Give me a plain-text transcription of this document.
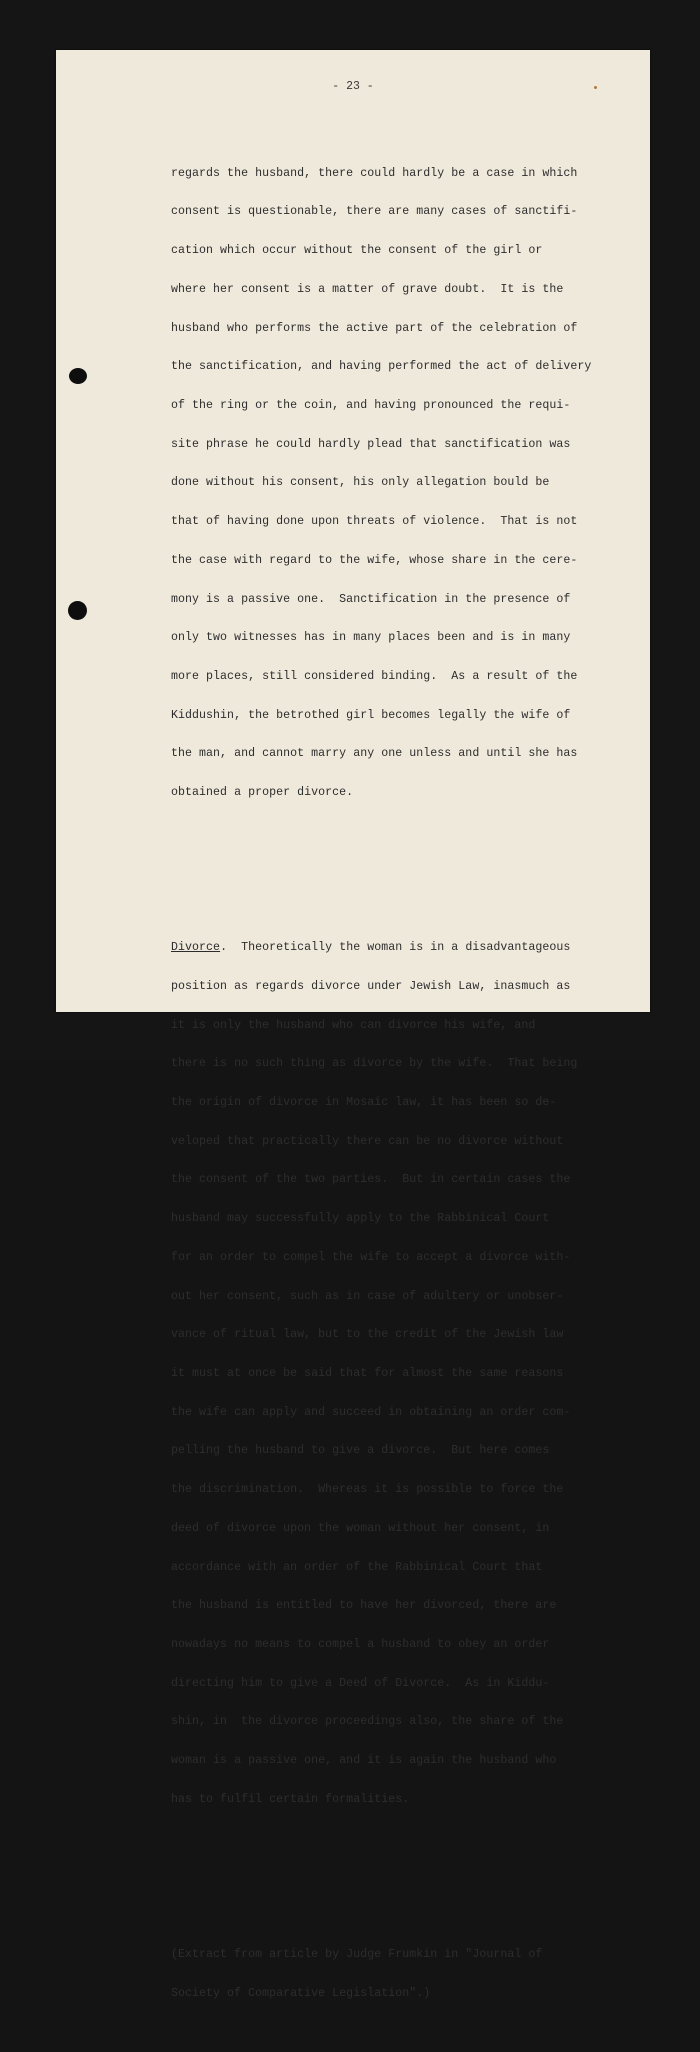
- 23 -

regards the husband, there could hardly be a case in which

consent is questionable, there are many cases of sanctifi-

cation which occur without the consent of the girl or

where her consent is a matter of grave doubt.  It is the

husband who performs the active part of the celebration of

the sanctification, and having performed the act of delivery

of the ring or the coin, and having pronounced the requi-

site phrase he could hardly plead that sanctification was

done without his consent, his only allegation bould be

that of having done upon threats of violence.  That is not

the case with regard to the wife, whose share in the cere-

mony is a passive one.  Sanctification in the presence of

only two witnesses has in many places been and is in many

more places, still considered binding.  As a result of the

Kiddushin, the betrothed girl becomes legally the wife of

the man, and cannot marry any one unless and until she has

obtained a proper divorce.

Divorce.  Theoretically the woman is in a disadvantageous

position as regards divorce under Jewish Law, inasmuch as

it is only the husband who can divorce his wife, and

there is no such thing as divorce by the wife.  That being

the origin of divorce in Mosaic law, it has been so de-

veloped that practically there can be no divorce without

the consent of the two parties.  But in certain cases the

husband may successfully apply to the Rabbinical Court

for an order to compel the wife to accept a divorce with-

out her consent, such as in case of adultery or unobser-

vance of ritual law, but to the credit of the Jewish law

it must at once be said that for almost the same reasons

the wife can apply and succeed in obtaining an order com-

pelling the husband to give a divorce.  But here comes

the discrimination.  Whereas it is possible to force the

deed of divorce upon the woman without her consent, in

accordance with an order of the Rabbinical Court that

the husband is entitled to have her divorced, there are

nowadays no means to compel a husband to obey an order

directing him to give a Deed of Divorce.  As in Kiddu-

shin, in  the divorce proceedings also, the share of the

woman is a passive one, and it is again the husband who

has to fulfil certain formalities.

(Extract from article by Judge Frumkin in "Journal of

Society of Comparative Legislation".)
